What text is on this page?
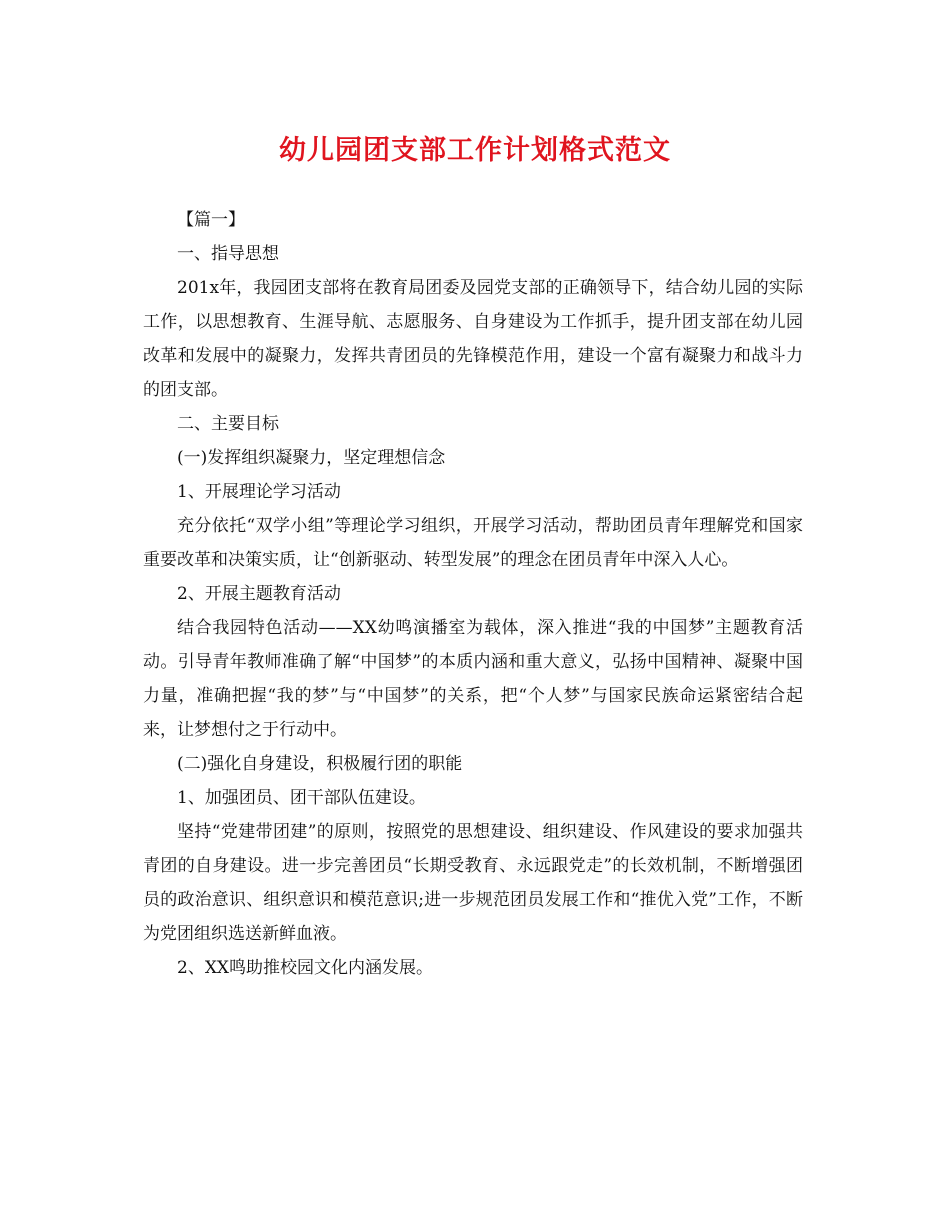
幼儿园团支部工作计划格式范文

【篇一】

一、指导思想

201x年，我园团支部将在教育局团委及园党支部的正确领导下，结合幼儿园的实际工作，以思想教育、生涯导航、志愿服务、自身建设为工作抓手，提升团支部在幼儿园改革和发展中的凝聚力，发挥共青团员的先锋模范作用，建设一个富有凝聚力和战斗力的团支部。

二、主要目标

(一)发挥组织凝聚力，坚定理想信念

1、开展理论学习活动

充分依托“双学小组”等理论学习组织，开展学习活动，帮助团员青年理解党和国家重要改革和决策实质，让“创新驱动、转型发展”的理念在团员青年中深入人心。

2、开展主题教育活动

结合我园特色活动——XX幼鸣演播室为载体，深入推进“我的中国梦”主题教育活动。引导青年教师准确了解“中国梦”的本质内涵和重大意义，弘扬中国精神、凝聚中国力量，准确把握“我的梦”与“中国梦”的关系，把“个人梦”与国家民族命运紧密结合起来，让梦想付之于行动中。

(二)强化自身建设，积极履行团的职能

1、加强团员、团干部队伍建设。

坚持“党建带团建”的原则，按照党的思想建设、组织建设、作风建设的要求加强共青团的自身建设。进一步完善团员“长期受教育、永远跟党走”的长效机制，不断增强团员的政治意识、组织意识和模范意识;进一步规范团员发展工作和“推优入党”工作，不断为党团组织选送新鲜血液。

2、XX鸣助推校园文化内涵发展。
